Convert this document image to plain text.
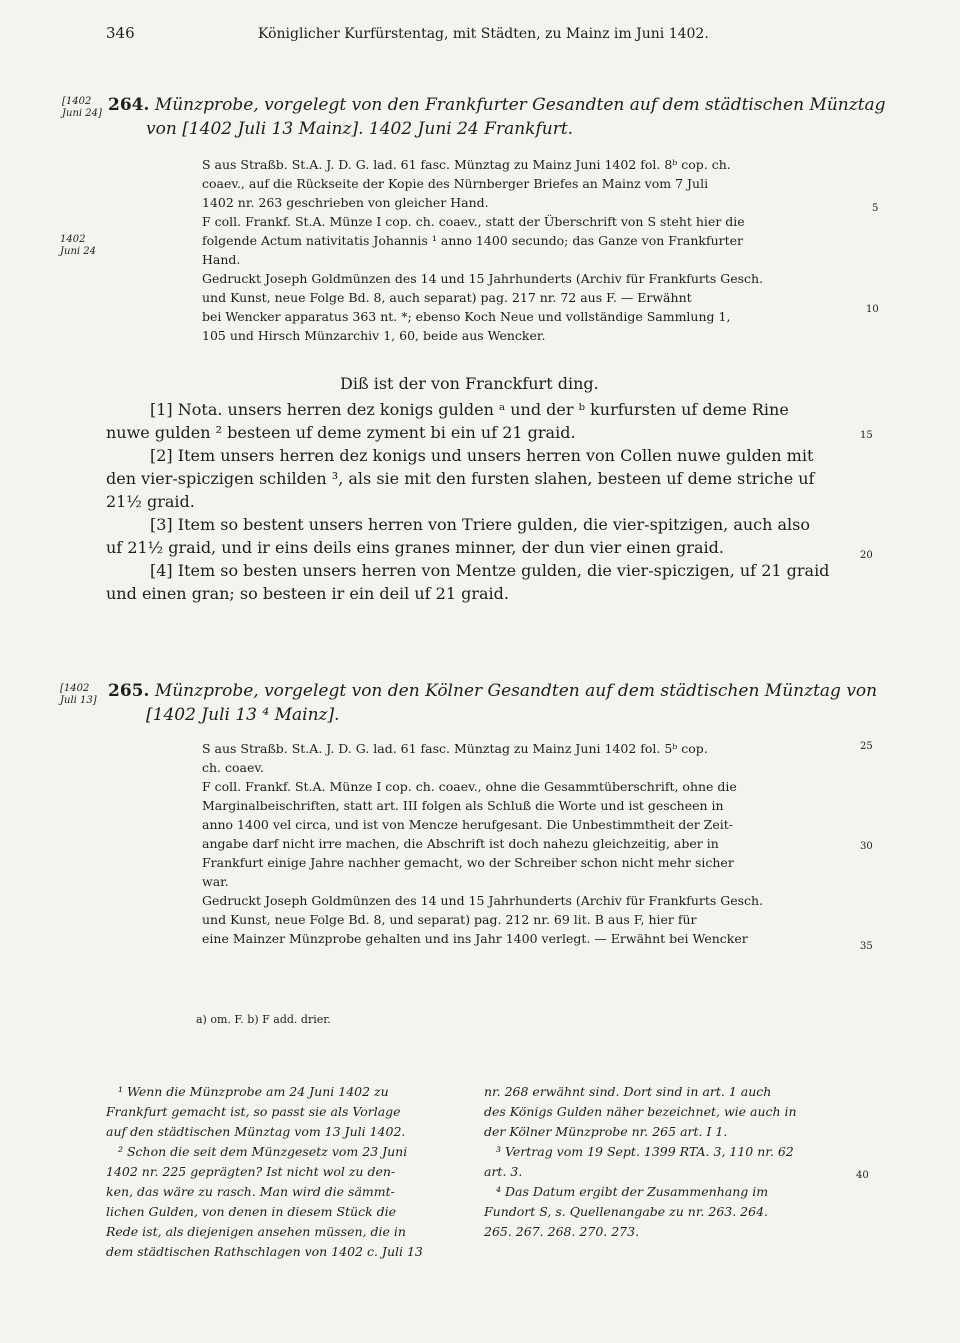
346	Königlicher Kurfürstentag, mit Städten, zu Mainz im Juni 1402.
[1402
Juni 24] 264. Münzprobe, vorgelegt von den Frankfurter Gesandten auf dem städtischen Münztag
von [1402 Juli 13 Mainz]. 1402 Juni 24 Frankfurt.
S aus Straßb. St.A. J. D. G. lad. 61 fasc. Münztag zu Mainz Juni 1402 fol. 8ᵇ cop. ch.
coaev., auf die Rückseite der Kopie des Nürnberger Briefes an Mainz vom 7 Juli
1402 nr. 263 geschrieben von gleicher Hand.
F coll. Frankf. St.A. Münze I cop. ch. coaev., statt der Überschrift von S steht hier die
folgende Actum nativitatis Johannis ¹ anno 1400 secundo; das Ganze von Frankfurter
Hand.
Gedruckt Joseph Goldmünzen des 14 und 15 Jahrhunderts (Archiv für Frankfurts Gesch.
und Kunst, neue Folge Bd. 8, auch separat) pag. 217 nr. 72 aus F. — Erwähnt
bei Wencker apparatus 363 nt. *; ebenso Koch Neue und vollständige Sammlung 1,
105 und Hirsch Münzarchiv 1, 60, beide aus Wencker.
1402
Juni 24
Diß ist der von Franckfurt ding.
[1] Nota. unsers herren dez konigs gulden ᵃ und der ᵇ kurfursten uf deme Rine
nuwe gulden ² besteen uf deme zyment bi ein uf 21 graid.
[2] Item unsers herren dez konigs und unsers herren von Collen nuwe gulden mit
den vier-spiczigen schilden ³, als sie mit den fursten slahen, besteen uf deme striche uf
21½ graid.
[3] Item so bestent unsers herren von Triere gulden, die vier-spitzigen, auch also
uf 21½ graid, und ir eins deils eins granes minner, der dun vier einen graid.
[4] Item so besten unsers herren von Mentze gulden, die vier-spiczigen, uf 21 graid
und einen gran; so besteen ir ein deil uf 21 graid.
[1402
Juli 13] 265. Münzprobe, vorgelegt von den Kölner Gesandten auf dem städtischen Münztag von
[1402 Juli 13 ⁴ Mainz].
S aus Straßb. St.A. J. D. G. lad. 61 fasc. Münztag zu Mainz Juni 1402 fol. 5ᵇ cop.
ch. coaev.
F coll. Frankf. St.A. Münze I cop. ch. coaev., ohne die Gesammtüberschrift, ohne die
Marginalbeischriften, statt art. III folgen als Schluß die Worte und ist gescheen in
anno 1400 vel circa, und ist von Mencze herufgesant. Die Unbestimmtheit der Zeit-
angabe darf nicht irre machen, die Abschrift ist doch nahezu gleichzeitig, aber in
Frankfurt einige Jahre nachher gemacht, wo der Schreiber schon nicht mehr sicher
war.
Gedruckt Joseph Goldmünzen des 14 und 15 Jahrhunderts (Archiv für Frankfurts Gesch.
und Kunst, neue Folge Bd. 8, und separat) pag. 212 nr. 69 lit. B aus F, hier für
eine Mainzer Münzprobe gehalten und ins Jahr 1400 verlegt. — Erwähnt bei Wencker
5
10
15
20
25
30
35
40
a) om. F. b) F add. drier.
¹ Wenn die Münzprobe am 24 Juni 1402 zu
Frankfurt gemacht ist, so passt sie als Vorlage
auf den städtischen Münztag vom 13 Juli 1402.
² Schon die seit dem Münzgesetz vom 23 Juni
1402 nr. 225 geprägten? Ist nicht wol zu den-
ken, das wäre zu rasch. Man wird die sämmt-
lichen Gulden, von denen in diesem Stück die
Rede ist, als diejenigen ansehen müssen, die in
dem städtischen Rathschlagen von 1402 c. Juli 13
nr. 268 erwähnt sind. Dort sind in art. 1 auch
des Königs Gulden näher bezeichnet, wie auch in
der Kölner Münzprobe nr. 265 art. I 1.
³ Vertrag vom 19 Sept. 1399 RTA. 3, 110 nr. 62
art. 3.
⁴ Das Datum ergibt der Zusammenhang im
Fundort S, s. Quellenangabe zu nr. 263. 264.
265. 267. 268. 270. 273.
